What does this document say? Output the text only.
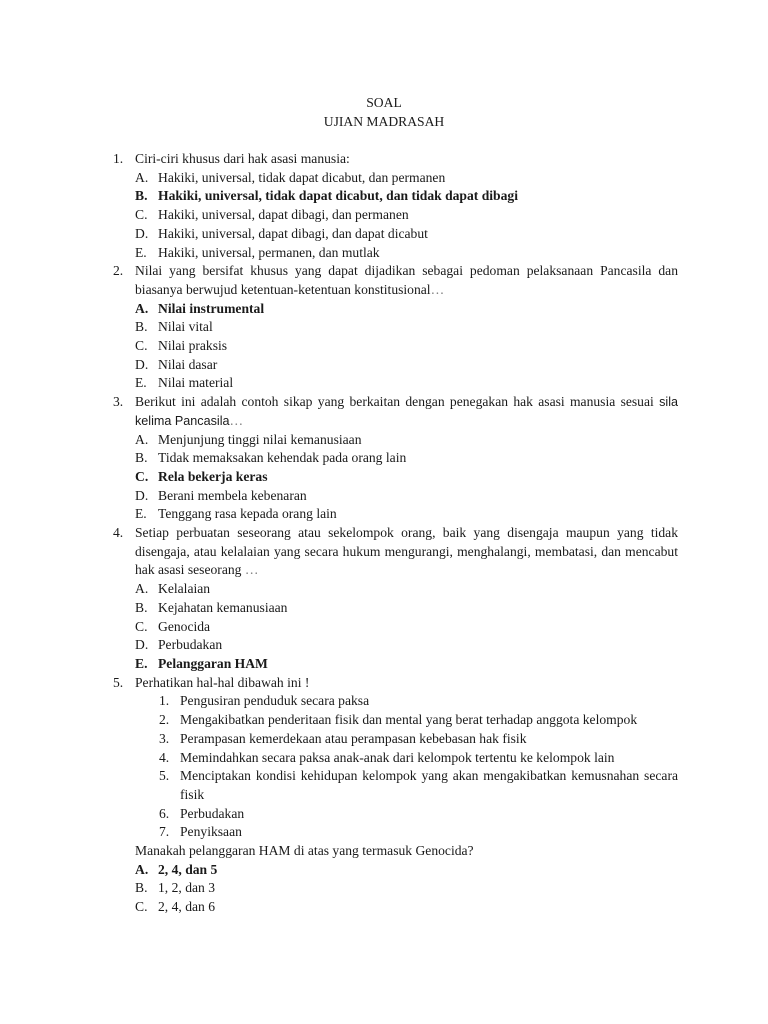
SOAL
UJIAN MADRASAH
1. Ciri-ciri khusus dari hak asasi manusia:
A. Hakiki, universal, tidak dapat dicabut, dan permanen
B. Hakiki, universal, tidak dapat dicabut, dan tidak dapat dibagi
C. Hakiki, universal, dapat dibagi, dan permanen
D. Hakiki, universal, dapat dibagi, dan dapat dicabut
E. Hakiki, universal, permanen, dan mutlak
2. Nilai yang bersifat khusus yang dapat dijadikan sebagai pedoman pelaksanaan Pancasila dan biasanya berwujud ketentuan-ketentuan konstitusional…
A. Nilai instrumental
B. Nilai vital
C. Nilai praksis
D. Nilai dasar
E. Nilai material
3. Berikut ini adalah contoh sikap yang berkaitan dengan penegakan hak asasi manusia sesuai sila kelima Pancasila…
A. Menjunjung tinggi nilai kemanusiaan
B. Tidak memaksakan kehendak pada orang lain
C. Rela bekerja keras
D. Berani membela kebenaran
E. Tenggang rasa kepada orang lain
4. Setiap perbuatan seseorang atau sekelompok orang, baik yang disengaja maupun yang tidak disengaja, atau kelalaian yang secara hukum mengurangi, menghalangi, membatasi, dan mencabut hak asasi seseorang …
A. Kelalaian
B. Kejahatan kemanusiaan
C. Genocida
D. Perbudakan
E. Pelanggaran HAM
5. Perhatikan hal-hal dibawah ini !
1. Pengusiran penduduk secara paksa
2. Mengakibatkan penderitaan fisik dan mental yang berat terhadap anggota kelompok
3. Perampasan kemerdekaan atau perampasan kebebasan hak fisik
4. Memindahkan secara paksa anak-anak dari kelompok tertentu ke kelompok lain
5. Menciptakan kondisi kehidupan kelompok yang akan mengakibatkan kemusnahan secara fisik
6. Perbudakan
7. Penyiksaan
Manakah pelanggaran HAM di atas yang termasuk Genocida?
A. 2, 4, dan 5
B. 1, 2, dan 3
C. 2, 4, dan 6
